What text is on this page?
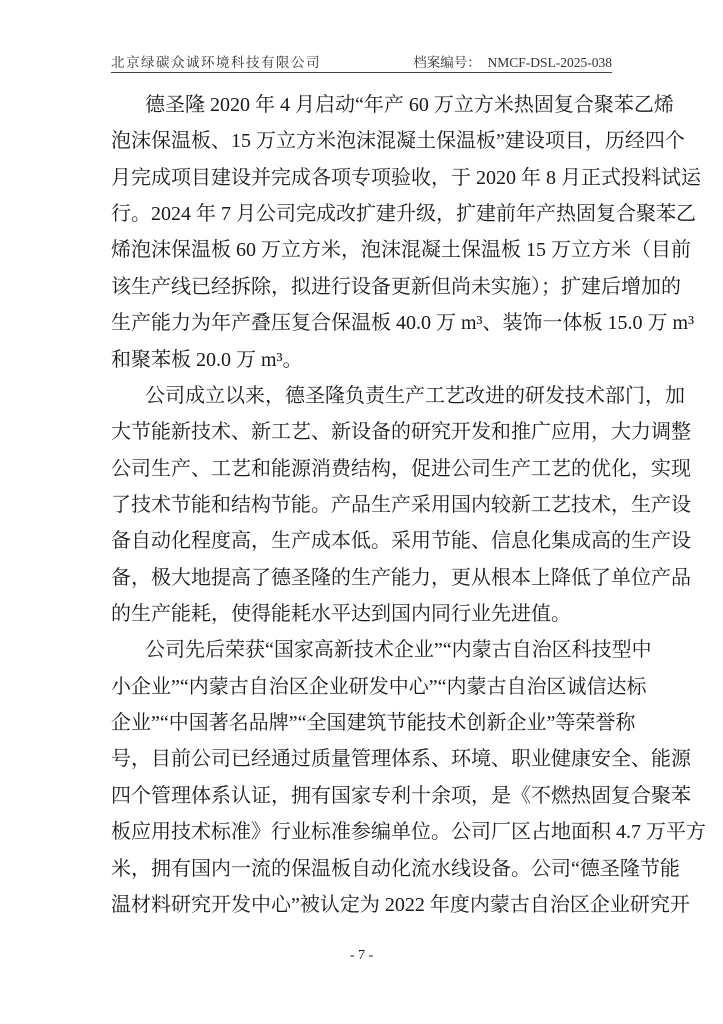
北京绿碳众诚环境科技有限公司	档案编号： NMCF-DSL-2025-038
德圣隆 2020 年 4 月启动“年产 60 万立方米热固复合聚苯乙烯
泡沫保温板、15 万立方米泡沫混凝土保温板”建设项目，历经四个
月完成项目建设并完成各项专项验收，于 2020 年 8 月正式投料试运
行。2024 年 7 月公司完成改扩建升级，扩建前年产热固复合聚苯乙
烯泡沫保温板 60 万立方米，泡沫混凝土保温板 15 万立方米（目前
该生产线已经拆除，拟进行设备更新但尚未实施）；扩建后增加的
生产能力为年产叠压复合保温板 40.0 万 m³、装饰一体板 15.0 万 m³
和聚苯板 20.0 万 m³。
公司成立以来，德圣隆负责生产工艺改进的研发技术部门，加
大节能新技术、新工艺、新设备的研究开发和推广应用，大力调整
公司生产、工艺和能源消费结构，促进公司生产工艺的优化，实现
了技术节能和结构节能。产品生产采用国内较新工艺技术，生产设
备自动化程度高，生产成本低。采用节能、信息化集成高的生产设
备，极大地提高了德圣隆的生产能力，更从根本上降低了单位产品
的生产能耗，使得能耗水平达到国内同行业先进值。
公司先后荣获“国家高新技术企业”“内蒙古自治区科技型中
小企业”“内蒙古自治区企业研发中心”“内蒙古自治区诚信达标
企业”“中国著名品牌”“全国建筑节能技术创新企业”等荣誉称
号，目前公司已经通过质量管理体系、环境、职业健康安全、能源
四个管理体系认证，拥有国家专利十余项，是《不燃热固复合聚苯
板应用技术标准》行业标准参编单位。公司厂区占地面积 4.7 万平方
米，拥有国内一流的保温板自动化流水线设备。公司“德圣隆节能
温材料研究开发中心”被认定为 2022 年度内蒙古自治区企业研究开
- 7 -
